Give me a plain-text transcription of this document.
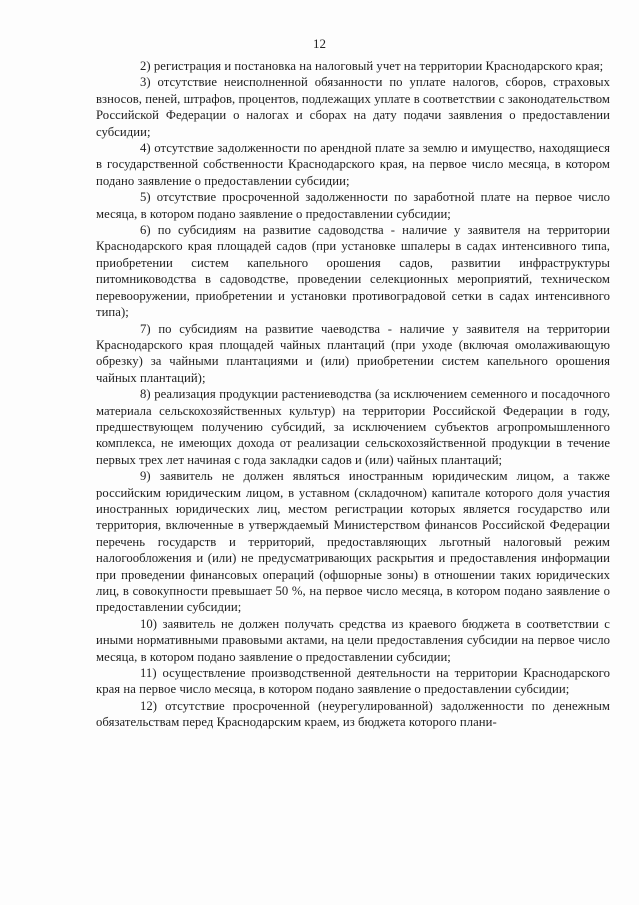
12

2) регистрация и постановка на налоговый учет на территории Краснодарского края;

3) отсутствие неисполненной обязанности по уплате налогов, сборов, страховых взносов, пеней, штрафов, процентов, подлежащих уплате в соответствии с законодательством Российской Федерации о налогах и сборах на дату подачи заявления о предоставлении субсидии;

4) отсутствие задолженности по арендной плате за землю и имущество, находящиеся в государственной собственности Краснодарского края, на первое число месяца, в котором подано заявление о предоставлении субсидии;

5) отсутствие просроченной задолженности по заработной плате на первое число месяца, в котором подано заявление о предоставлении субсидии;

6) по субсидиям на развитие садоводства - наличие у заявителя на территории Краснодарского края площадей садов (при установке шпалеры в садах интенсивного типа, приобретении систем капельного орошения садов, развитии инфраструктуры питомниководства в садоводстве, проведении селекционных мероприятий, техническом перевооружении, приобретении и установки противоградовой сетки в садах интенсивного типа);

7) по субсидиям на развитие чаеводства - наличие у заявителя на территории Краснодарского края площадей чайных плантаций (при уходе (включая омолаживающую обрезку) за чайными плантациями и (или) приобретении систем капельного орошения чайных плантаций);

8) реализация продукции растениеводства (за исключением семенного и посадочного материала сельскохозяйственных культур) на территории Российской Федерации в году, предшествующем получению субсидий, за исключением субъектов агропромышленного комплекса, не имеющих дохода от реализации сельскохозяйственной продукции в течение первых трех лет начиная с года закладки садов и (или) чайных плантаций;

9) заявитель не должен являться иностранным юридическим лицом, а также российским юридическим лицом, в уставном (складочном) капитале которого доля участия иностранных юридических лиц, местом регистрации которых является государство или территория, включенные в утверждаемый Министерством финансов Российской Федерации перечень государств и территорий, предоставляющих льготный налоговый режим налогообложения и (или) не предусматривающих раскрытия и предоставления информации при проведении финансовых операций (офшорные зоны) в отношении таких юридических лиц, в совокупности превышает 50 %, на первое число месяца, в котором подано заявление о предоставлении субсидии;

10) заявитель не должен получать средства из краевого бюджета в соответствии с иными нормативными правовыми актами, на цели предоставления субсидии на первое число месяца, в котором подано заявление о предоставлении субсидии;

11) осуществление производственной деятельности на территории Краснодарского края на первое число месяца, в котором подано заявление о предоставлении субсидии;

12) отсутствие просроченной (неурегулированной) задолженности по денежным обязательствам перед Краснодарским краем, из бюджета которого плани-
